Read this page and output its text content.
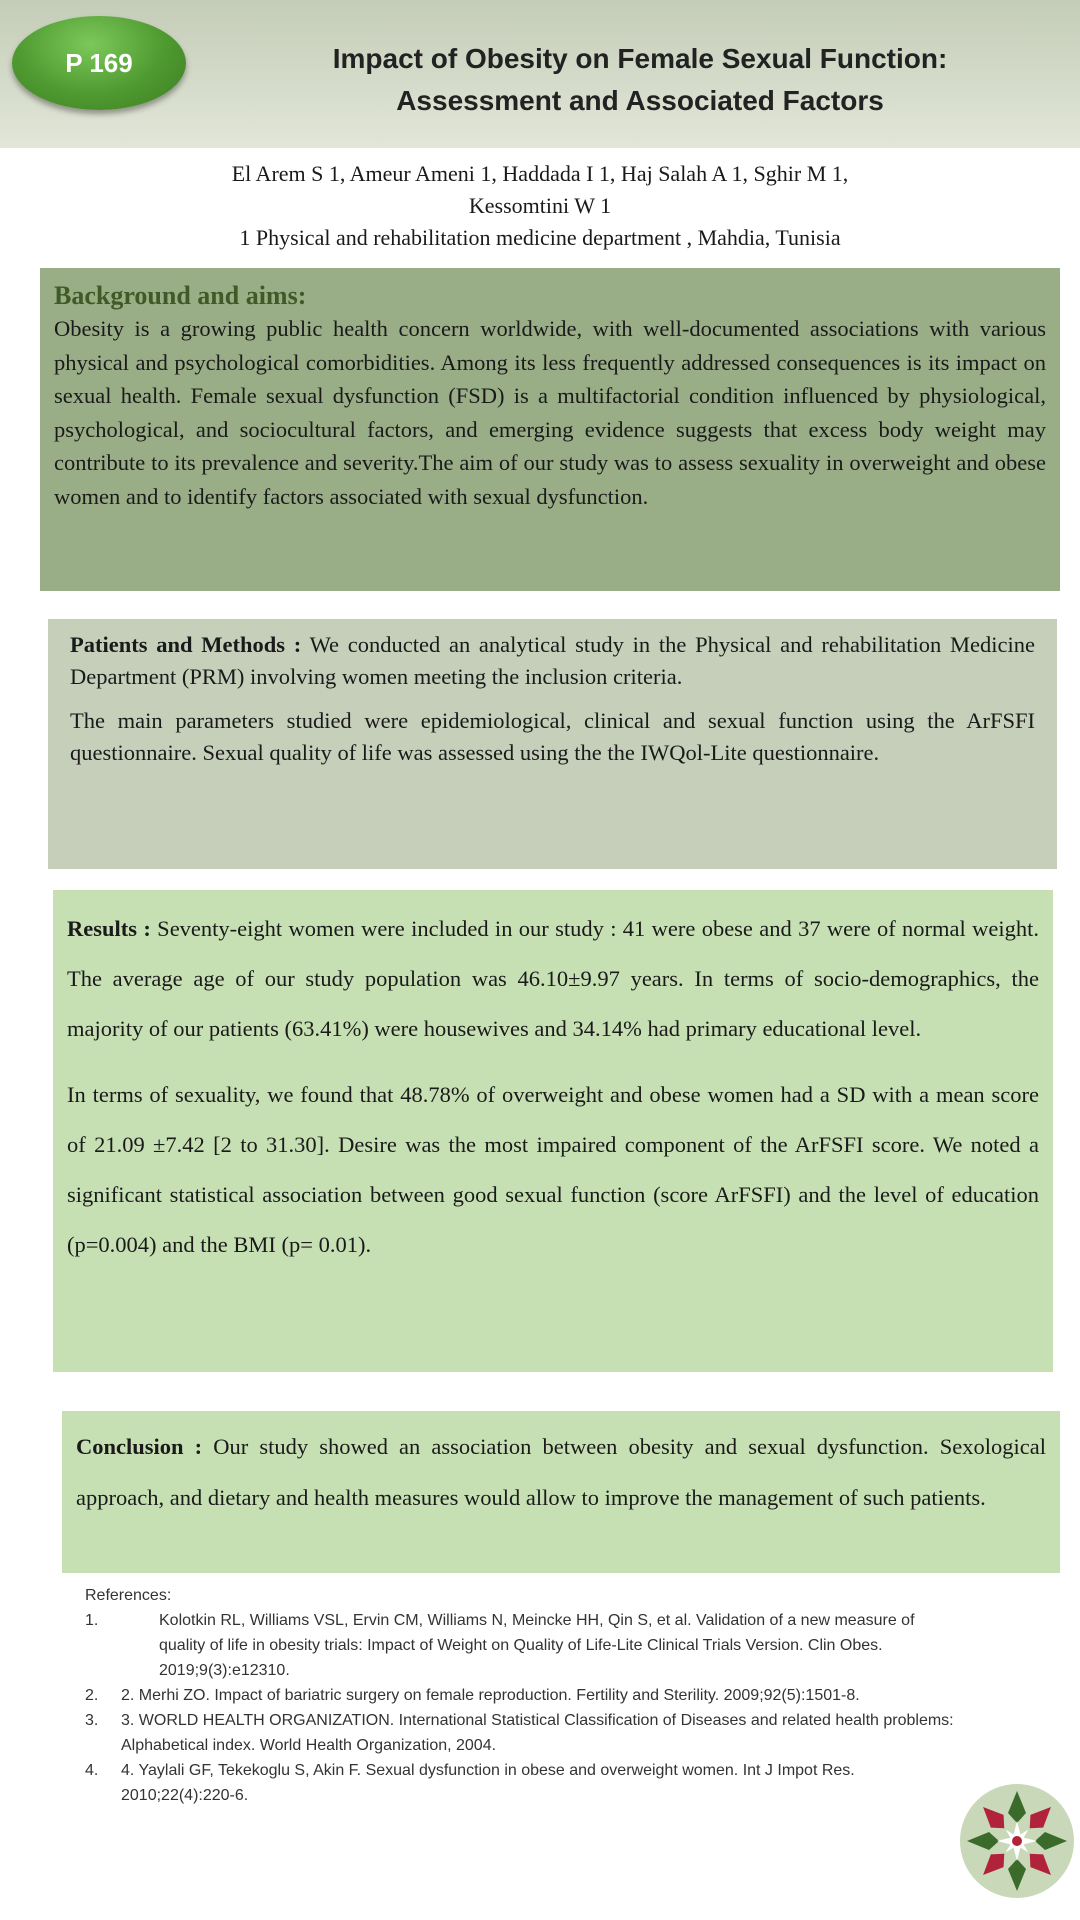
P 169	Impact of Obesity on Female Sexual Function:
Assessment and Associated Factors
El Arem S 1, Ameur Ameni 1, Haddada I 1, Haj Salah A 1, Sghir M 1,
Kessomtini W 1
1 Physical and rehabilitation medicine department , Mahdia, Tunisia
Background and aims:

Obesity is a growing public health concern worldwide, with well-documented associations with various physical and psychological comorbidities. Among its less frequently addressed consequences is its impact on sexual health. Female sexual dysfunction (FSD) is a multifactorial condition influenced by physiological, psychological, and sociocultural factors, and emerging evidence suggests that excess body weight may contribute to its prevalence and severity.The aim of our study was to assess sexuality in overweight and obese women and to identify factors associated with sexual dysfunction.

Patients and Methods : We conducted an analytical study in the Physical and rehabilitation Medicine Department (PRM) involving women meeting the inclusion criteria.

The main parameters studied were epidemiological, clinical and sexual function using the ArFSFI questionnaire. Sexual quality of life was assessed using the the IWQol-Lite questionnaire.

Results : Seventy-eight women were included in our study : 41 were obese and 37 were of normal weight. The average age of our study population was 46.10±9.97 years. In terms of socio-demographics, the majority of our patients (63.41%) were housewives and 34.14% had primary educational level.

In terms of sexuality, we found that 48.78% of overweight and obese women had a SD with a mean score of 21.09 ±7.42 [2 to 31.30]. Desire was the most impaired component of the ArFSFI score. We noted a significant statistical association between good sexual function (score ArFSFI) and the level of education (p=0.004) and the BMI (p= 0.01).

Conclusion : Our study showed an association between obesity and sexual dysfunction. Sexological approach, and dietary and health measures would allow to improve the management of such patients.

References:
1.	Kolotkin RL, Williams VSL, Ervin CM, Williams N, Meincke HH, Qin S, et al. Validation of a new measure of quality of life in obesity trials: Impact of Weight on Quality of Life-Lite Clinical Trials Version. Clin Obes. 2019;9(3):e12310.
2. 2. Merhi ZO. Impact of bariatric surgery on female reproduction. Fertility and Sterility. 2009;92(5):1501-8.
3. 3. WORLD HEALTH ORGANIZATION. International Statistical Classification of Diseases and related health problems: Alphabetical index. World Health Organization, 2004.
4. 4. Yaylali GF, Tekekoglu S, Akin F. Sexual dysfunction in obese and overweight women. Int J Impot Res. 2010;22(4):220-6.
